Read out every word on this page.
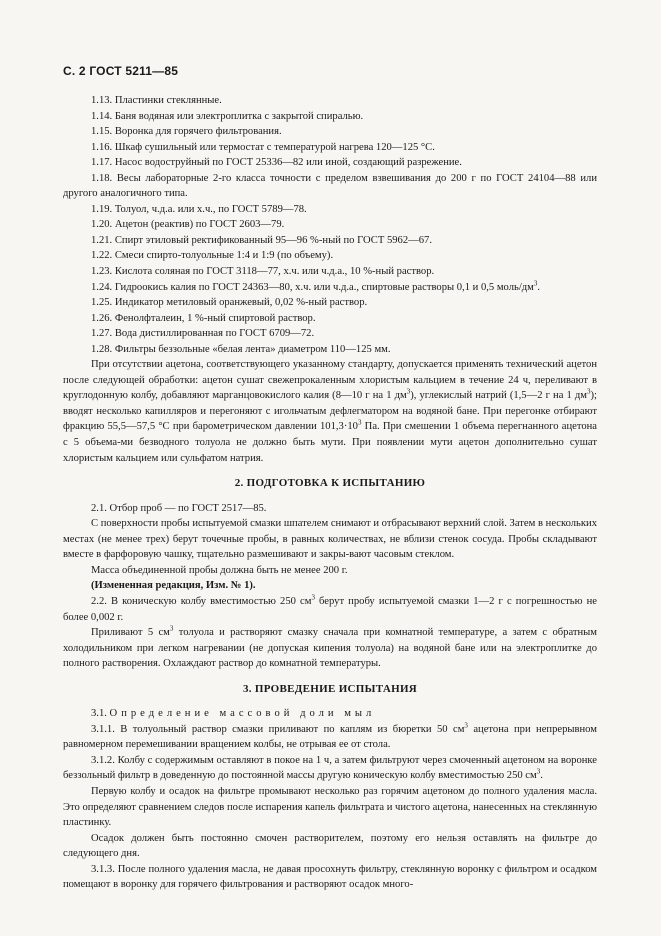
С. 2 ГОСТ 5211—85
1.13. Пластинки стеклянные.
1.14. Баня водяная или электроплитка с закрытой спиралью.
1.15. Воронка для горячего фильтрования.
1.16. Шкаф сушильный или термостат с температурой нагрева 120—125 °С.
1.17. Насос водоструйный по ГОСТ 25336—82 или иной, создающий разрежение.
1.18. Весы лабораторные 2-го класса точности с пределом взвешивания до 200 г по ГОСТ 24104—88 или другого аналогичного типа.
1.19. Толуол, ч.д.а. или х.ч., по ГОСТ 5789—78.
1.20. Ацетон (реактив) по ГОСТ 2603—79.
1.21. Спирт этиловый ректификованный 95—96 %-ный по ГОСТ 5962—67.
1.22. Смеси спирто-толуольные 1:4 и 1:9 (по объему).
1.23. Кислота соляная по ГОСТ 3118—77, х.ч. или ч.д.а., 10 %-ный раствор.
1.24. Гидроокись калия по ГОСТ 24363—80, х.ч. или ч.д.а., спиртовые растворы 0,1 и 0,5 моль/$дм^3$.
1.25. Индикатор метиловый оранжевый, 0,02 %-ный раствор.
1.26. Фенолфталеин, 1 %-ный спиртовой раствор.
1.27. Вода дистиллированная по ГОСТ 6709—72.
1.28. Фильтры беззольные «белая лента» диаметром 110—125 мм.
При отсутствии ацетона, соответствующего указанному стандарту, допускается применять технический ацетон после следующей обработки: ацетон сушат свежепрокаленным хлористым кальцием в течение 24 ч, переливают в круглодонную колбу, добавляют марганцовокислого калия (8—10 г на 1 $дм^3$), углекислый натрий (1,5—2 г на 1 $дм^3$); вводят несколько капилляров и перегоняют с игольчатым дефлегматором на водяной бане. При перегонке отбирают фракцию 55,5—57,5 °С при барометрическом давлении $101,3\cdot 10^3$ Па. При смешении 1 объема перегнанного ацетона с 5 объема-ми безводного толуола не должно быть мути. При появлении мути ацетон дополнительно сушат хлористым кальцием или сульфатом натрия.
2. ПОДГОТОВКА К ИСПЫТАНИЮ
2.1. Отбор проб — по ГОСТ 2517—85.
С поверхности пробы испытуемой смазки шпателем снимают и отбрасывают верхний слой. Затем в нескольких местах (не менее трех) берут точечные пробы, в равных количествах, не вблизи стенок сосуда. Пробы складывают вместе в фарфоровую чашку, тщательно размешивают и закры-вают часовым стеклом.
Масса объединенной пробы должна быть не менее 200 г.
(Измененная редакция, Изм. № 1).
2.2. В коническую колбу вместимостью 250 $см^3$ берут пробу испытуемой смазки 1—2 г с погрешностью не более 0,002 г.
Приливают 5 $см^3$ толуола и растворяют смазку сначала при комнатной температуре, а затем с обратным холодильником при легком нагревании (не допуская кипения толуола) на водяной бане или на электроплитке до полного растворения. Охлаждают раствор до комнатной температуры.
3. ПРОВЕДЕНИЕ ИСПЫТАНИЯ
3.1. Определение массовой доли мыл
3.1.1. В толуольный раствор смазки приливают по каплям из бюретки 50 $см^3$ ацетона при непрерывном равномерном перемешивании вращением колбы, не отрывая ее от стола.
3.1.2. Колбу с содержимым оставляют в покое на 1 ч, а затем фильтруют через смоченный ацетоном на воронке беззольный фильтр в доведенную до постоянной массы другую коническую колбу вместимостью 250 $см^3$.
Первую колбу и осадок на фильтре промывают несколько раз горячим ацетоном до полного удаления масла. Это определяют сравнением следов после испарения капель фильтрата и чистого ацетона, нанесенных на стеклянную пластинку.
Осадок должен быть постоянно смочен растворителем, поэтому его нельзя оставлять на фильтре до следующего дня.
3.1.3. После полного удаления масла, не давая просохнуть фильтру, стеклянную воронку с фильтром и осадком помещают в воронку для горячего фильтрования и растворяют осадок много-
